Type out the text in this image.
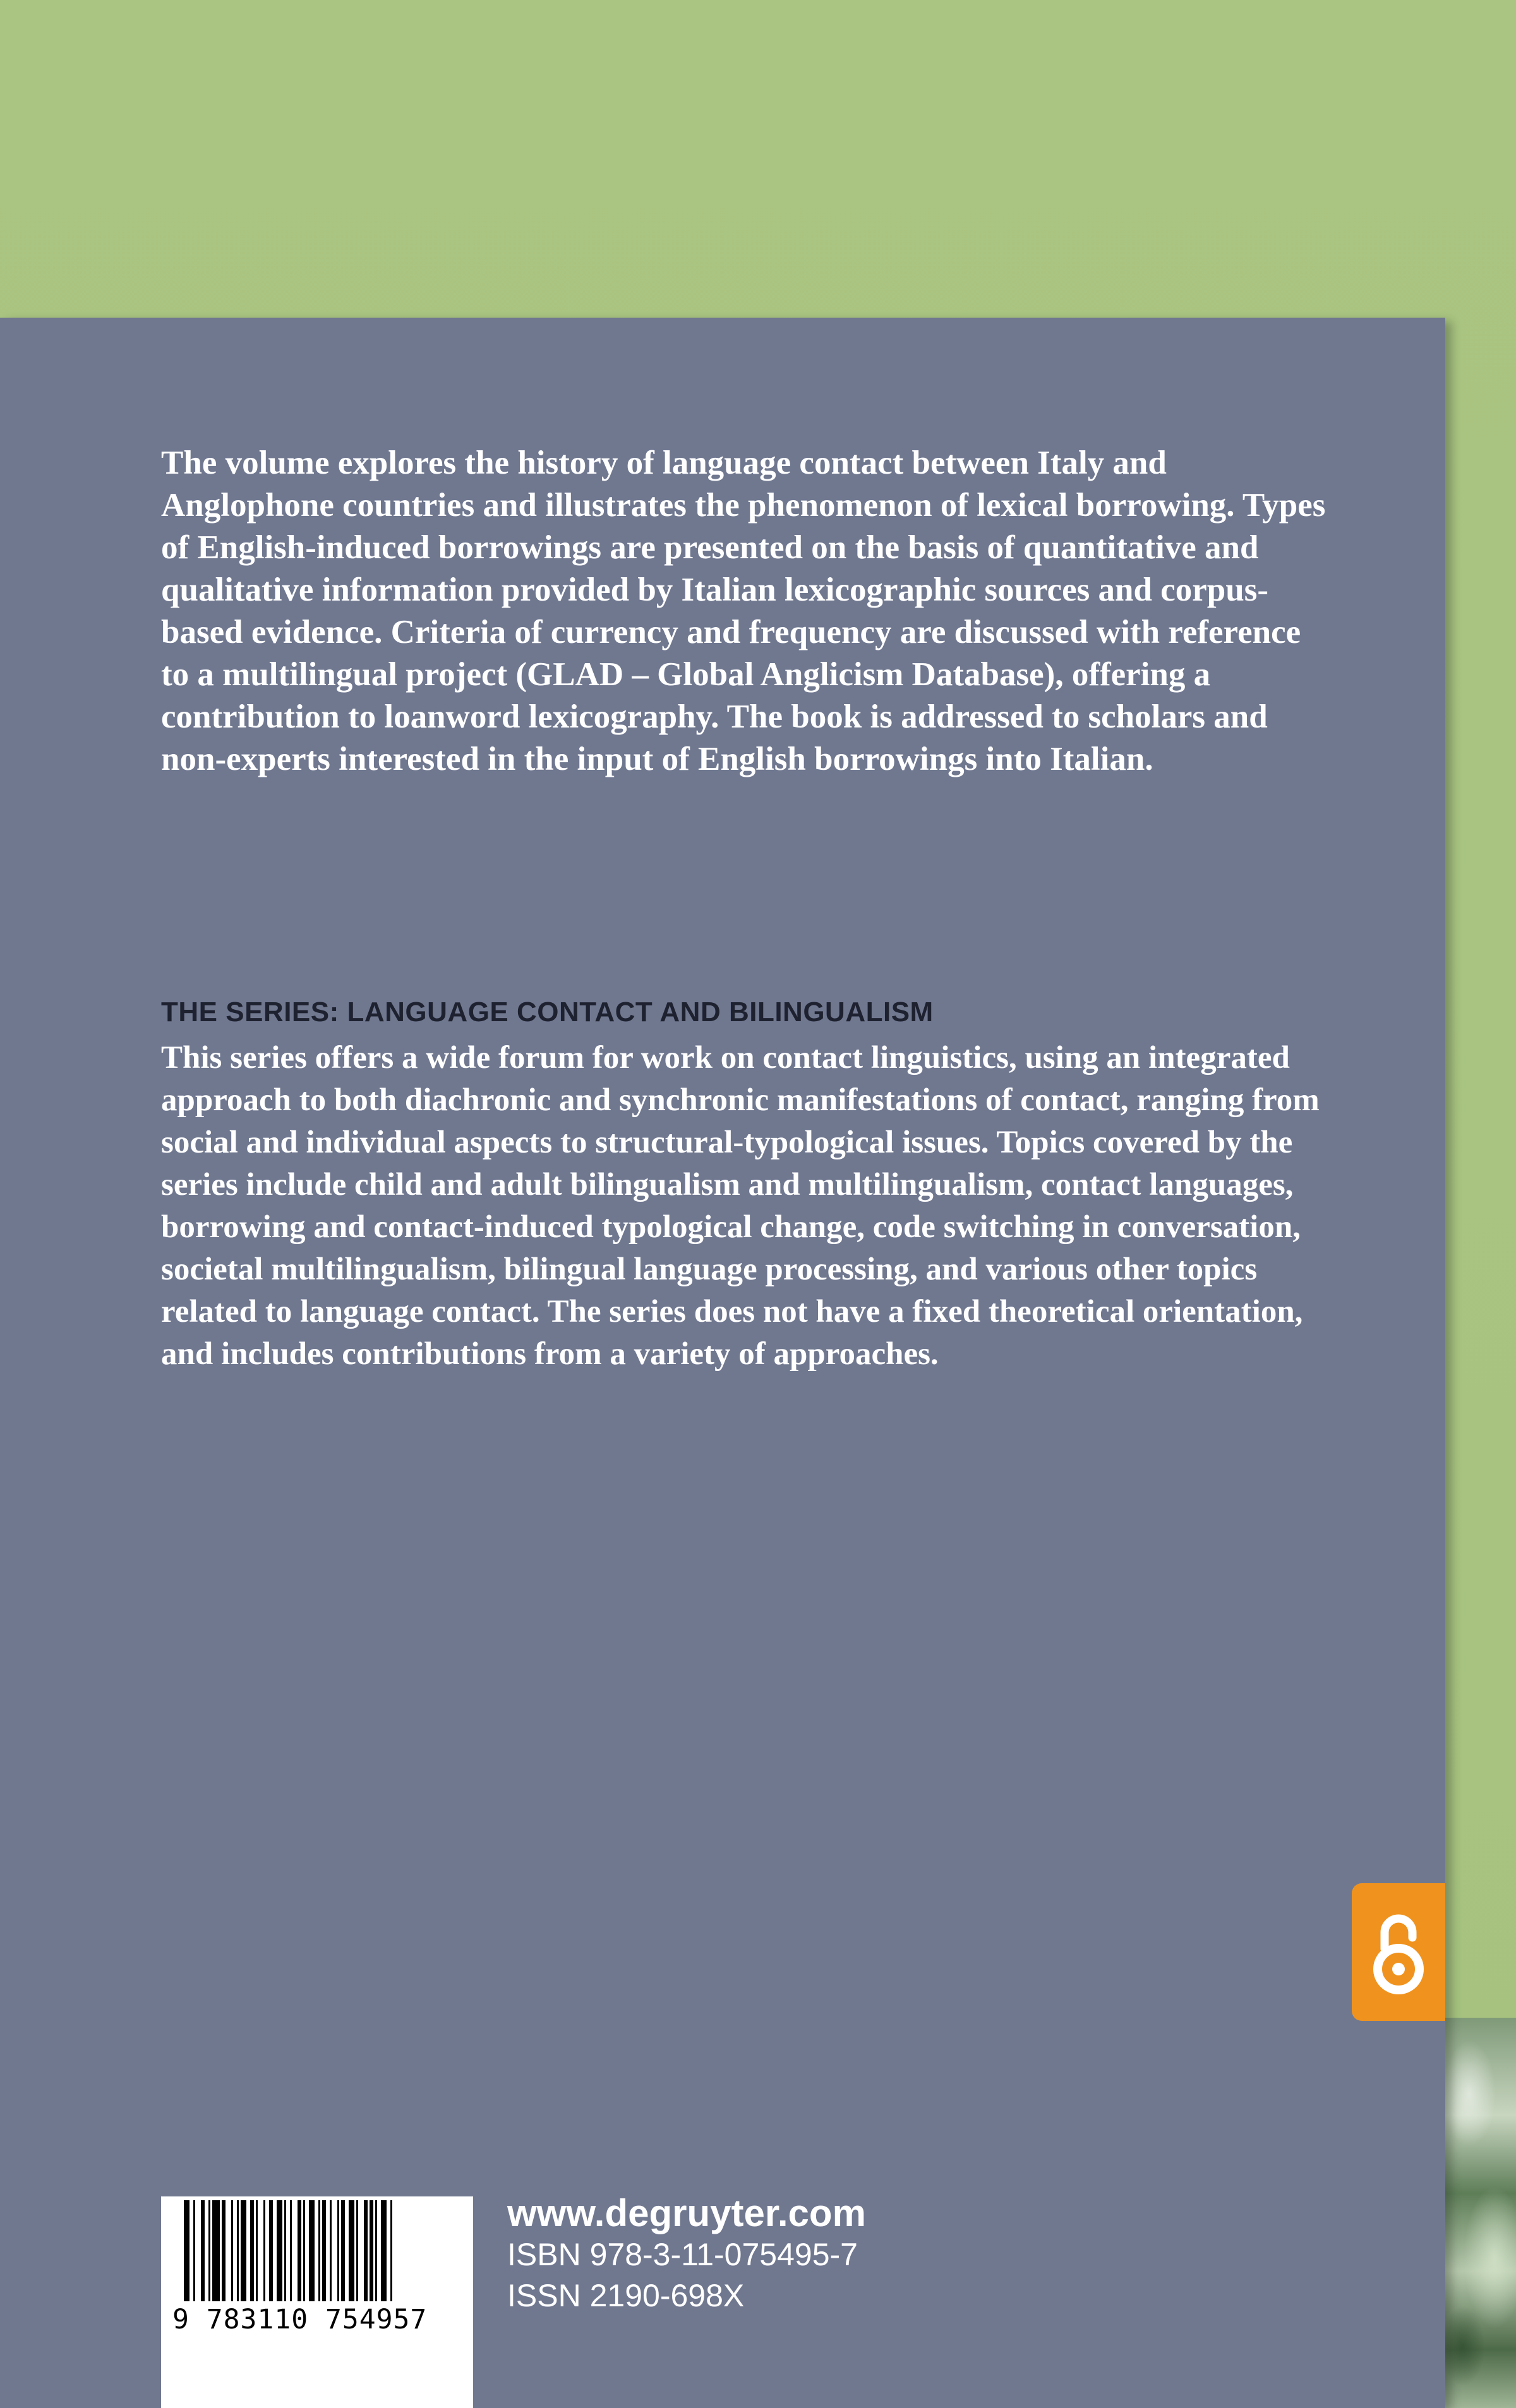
The volume explores the history of language contact between Italy and Anglophone countries and illustrates the phenomenon of lexical borrowing. Types of English-induced borrowings are presented on the basis of quantitative and qualitative information provided by Italian lexicographic sources and corpus-based evidence. Criteria of currency and frequency are discussed with reference to a multilingual project (GLAD – Global Anglicism Database), offering a contribution to loanword lexicography. The book is addressed to scholars and non-experts interested in the input of English borrowings into Italian.

THE SERIES: LANGUAGE CONTACT AND BILINGUALISM

This series offers a wide forum for work on contact linguistics, using an integrated approach to both diachronic and synchronic manifestations of contact, ranging from social and individual aspects to structural-typological issues. Topics covered by the series include child and adult bilingualism and multilingualism, contact languages, borrowing and contact-induced typological change, code switching in conversation, societal multilingualism, bilingual language processing, and various other topics related to language contact. The series does not have a fixed theoretical orientation, and includes contributions from a variety of approaches.

9 783110 754957

www.degruyter.com

ISBN 978-3-11-075495-7

ISSN 2190-698X
